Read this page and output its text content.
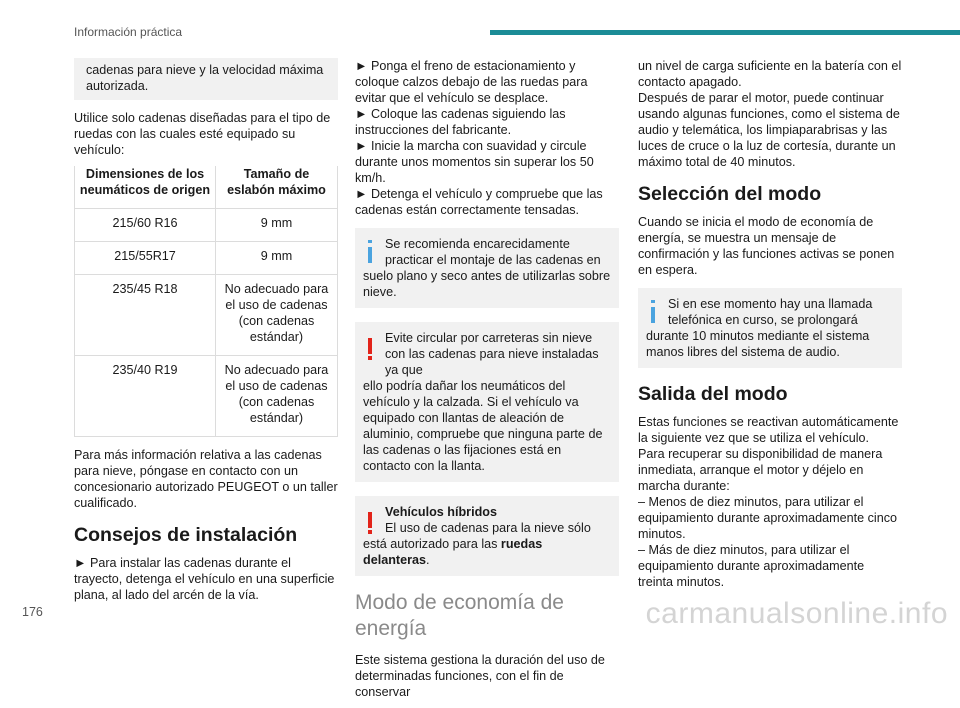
Información práctica
cadenas para nieve y la velocidad máxima autorizada.

Utilice solo cadenas diseñadas para el tipo de ruedas con las cuales esté equipado su vehículo:

Dimensiones de los neumáticos de origen	Tamaño de eslabón máximo
215/60 R16	9 mm
215/55R17	9 mm
235/45 R18	No adecuado para el uso de cadenas (con cadenas estándar)
235/40 R19	No adecuado para el uso de cadenas (con cadenas estándar)

Para más información relativa a las cadenas para nieve, póngase en contacto con un concesionario autorizado PEUGEOT o un taller cualificado.

Consejos de instalación

► Para instalar las cadenas durante el trayecto, detenga el vehículo en una superficie plana, al lado del arcén de la vía.

► Ponga el freno de estacionamiento y coloque calzos debajo de las ruedas para evitar que el vehículo se desplace.

► Coloque las cadenas siguiendo las instrucciones del fabricante.

► Inicie la marcha con suavidad y circule durante unos momentos sin superar los 50 km/h.

► Detenga el vehículo y compruebe que las cadenas están correctamente tensadas.

Se recomienda encarecidamente practicar el montaje de las cadenas en
suelo plano y seco antes de utilizarlas sobre nieve.
Evite circular por carreteras sin nieve con las cadenas para nieve instaladas ya que
ello podría dañar los neumáticos del vehículo y la calzada. Si el vehículo va equipado con llantas de aleación de aluminio, compruebe que ninguna parte de las cadenas o las fijaciones está en contacto con la llanta.
Vehículos híbridos
El uso de cadenas para la nieve sólo
está autorizado para las ruedas delanteras.
Modo de economía de energía

Este sistema gestiona la duración del uso de determinadas funciones, con el fin de conservar

un nivel de carga suficiente en la batería con el contacto apagado.

Después de parar el motor, puede continuar usando algunas funciones, como el sistema de audio y telemática, los limpiaparabrisas y las luces de cruce o la luz de cortesía, durante un máximo total de 40 minutos.

Selección del modo

Cuando se inicia el modo de economía de energía, se muestra un mensaje de confirmación y las funciones activas se ponen en espera.

Si en ese momento hay una llamada telefónica en curso, se prolongará
durante 10 minutos mediante el sistema manos libres del sistema de audio.
Salida del modo

Estas funciones se reactivan automáticamente la siguiente vez que se utiliza el vehículo.

Para recuperar su disponibilidad de manera inmediata, arranque el motor y déjelo en marcha durante:

– Menos de diez minutos, para utilizar el equipamiento durante aproximadamente cinco minutos.

– Más de diez minutos, para utilizar el equipamiento durante aproximadamente treinta minutos.

176	carmanualsonline.info
